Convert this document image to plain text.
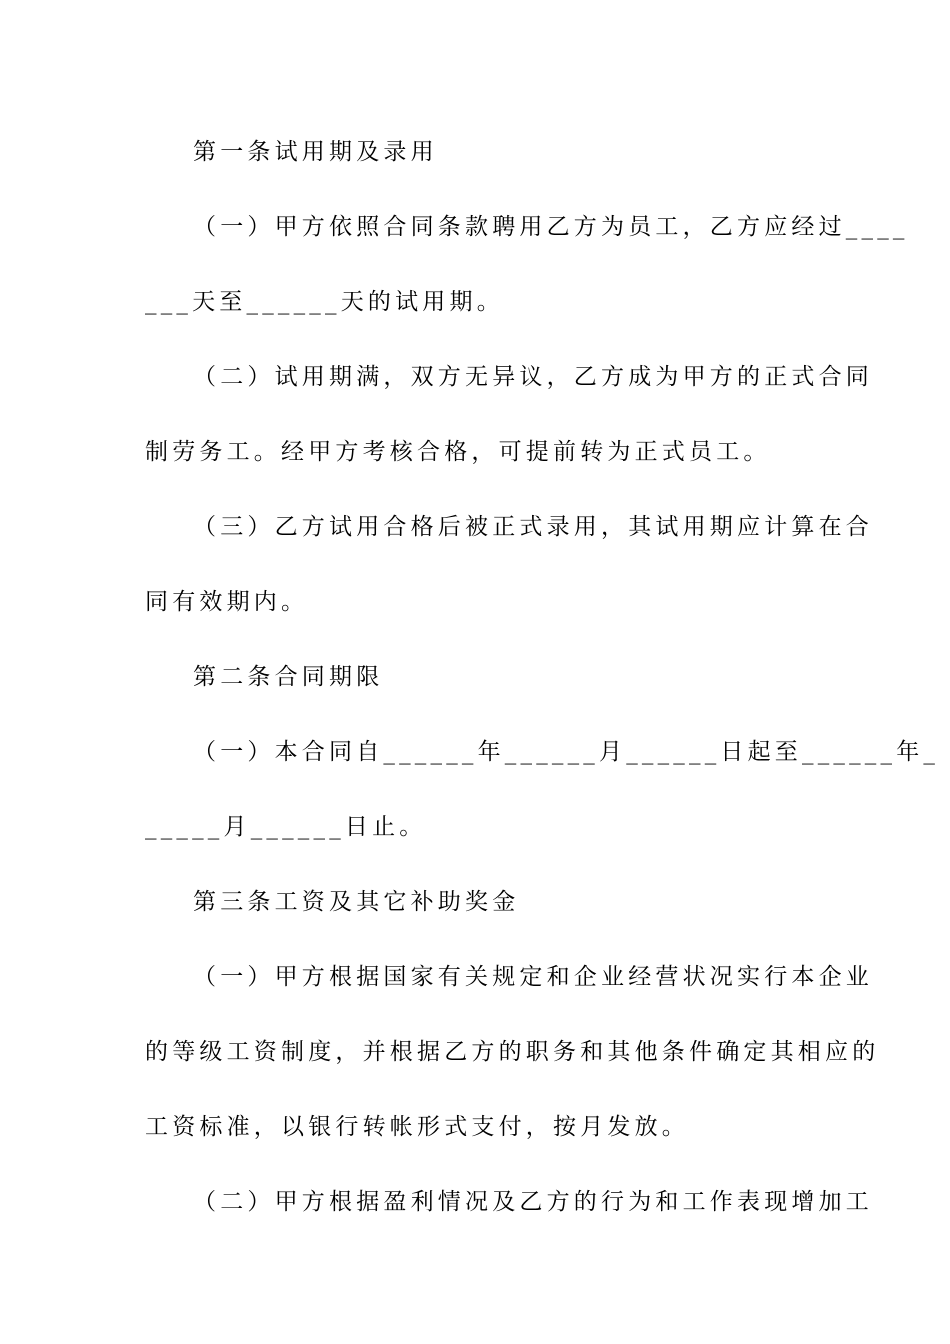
第一条试用期及录用
（一）甲方依照合同条款聘用乙方为员工，乙方应经过____
___天至______天的试用期。
（二）试用期满，双方无异议，乙方成为甲方的正式合同
制劳务工。经甲方考核合格，可提前转为正式员工。
（三）乙方试用合格后被正式录用，其试用期应计算在合
同有效期内。
第二条合同期限
（一）本合同自______年______月______日起至______年_
_____月______日止。
第三条工资及其它补助奖金
（一）甲方根据国家有关规定和企业经营状况实行本企业
的等级工资制度，并根据乙方的职务和其他条件确定其相应的
工资标准，以银行转帐形式支付，按月发放。
（二）甲方根据盈利情况及乙方的行为和工作表现增加工
